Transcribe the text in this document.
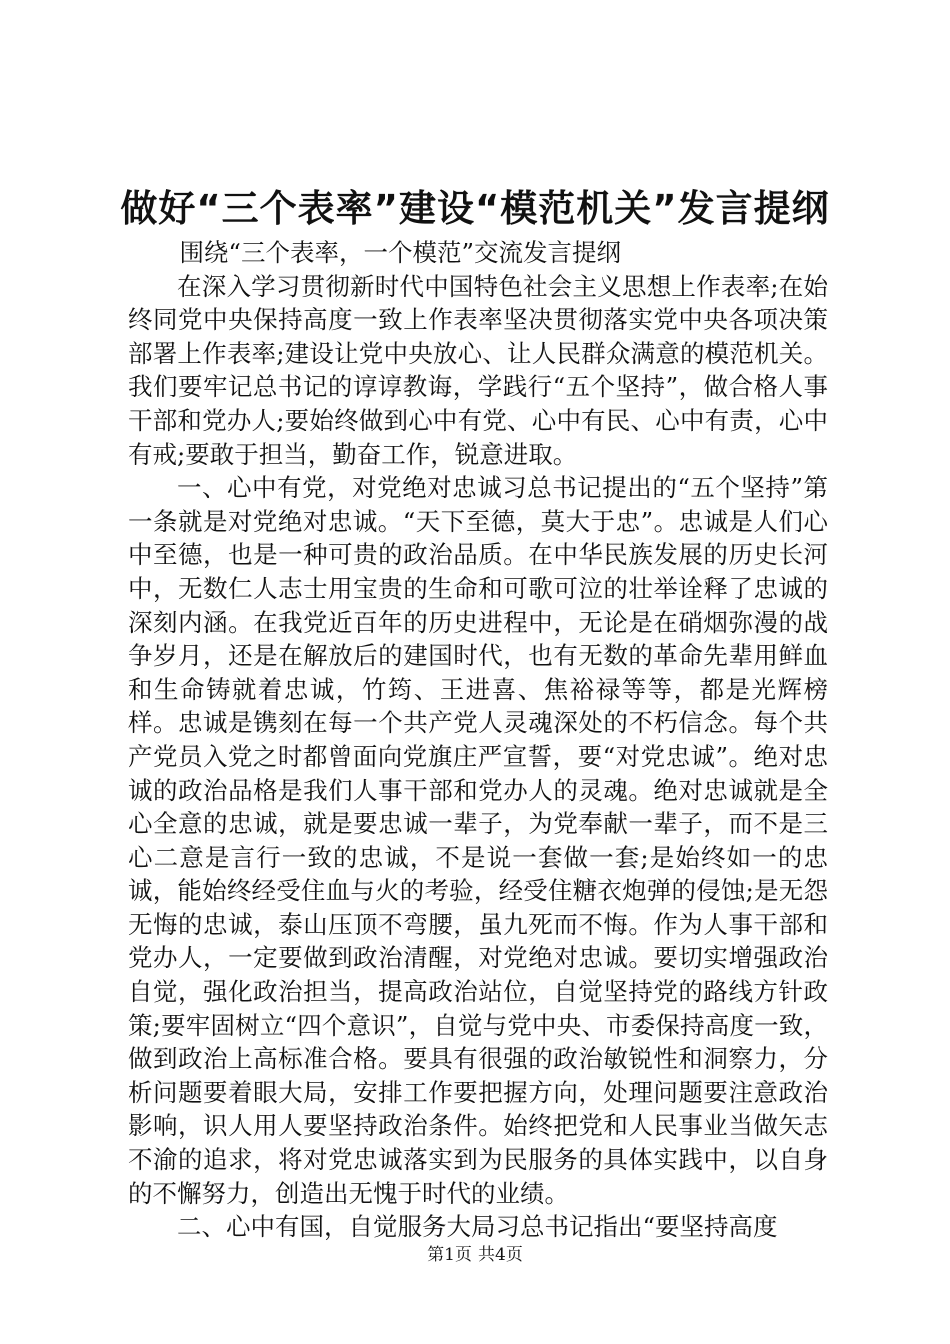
做好“三个表率”建设“模范机关”发言提纲

围绕“三个表率，一个模范”交流发言提纲

在深入学习贯彻新时代中国特色社会主义思想上作表率;在始终同党中央保持高度一致上作表率坚决贯彻落实党中央各项决策部署上作表率;建设让党中央放心、让人民群众满意的模范机关。我们要牢记总书记的谆谆教诲，学践行“五个坚持”，做合格人事干部和党办人;要始终做到心中有党、心中有民、心中有责，心中有戒;要敢于担当，勤奋工作，锐意进取。

一、心中有党，对党绝对忠诚习总书记提出的“五个坚持”第一条就是对党绝对忠诚。“天下至德，莫大于忠”。忠诚是人们心中至德，也是一种可贵的政治品质。在中华民族发展的历史长河中，无数仁人志士用宝贵的生命和可歌可泣的壮举诠释了忠诚的深刻内涵。在我党近百年的历史进程中，无论是在硝烟弥漫的战争岁月，还是在解放后的建国时代，也有无数的革命先辈用鲜血和生命铸就着忠诚，竹筠、王进喜、焦裕禄等等，都是光辉榜样。忠诚是镌刻在每一个共产党人灵魂深处的不朽信念。每个共产党员入党之时都曾面向党旗庄严宣誓，要“对党忠诚”。绝对忠诚的政治品格是我们人事干部和党办人的灵魂。绝对忠诚就是全心全意的忠诚，就是要忠诚一辈子，为党奉献一辈子，而不是三心二意是言行一致的忠诚，不是说一套做一套;是始终如一的忠诚，能始终经受住血与火的考验，经受住糖衣炮弹的侵蚀;是无怨无悔的忠诚，泰山压顶不弯腰，虽九死而不悔。作为人事干部和党办人，一定要做到政治清醒，对党绝对忠诚。要切实增强政治自觉，强化政治担当，提高政治站位，自觉坚持党的路线方针政策;要牢固树立“四个意识”，自觉与党中央、市委保持高度一致，做到政治上高标准合格。要具有很强的政治敏锐性和洞察力，分析问题要着眼大局，安排工作要把握方向，处理问题要注意政治影响，识人用人要坚持政治条件。始终把党和人民事业当做矢志不渝的追求，将对党忠诚落实到为民服务的具体实践中，以自身的不懈努力，创造出无愧于时代的业绩。

二、心中有国，自觉服务大局习总书记指出“要坚持高度

第1页 共4页
